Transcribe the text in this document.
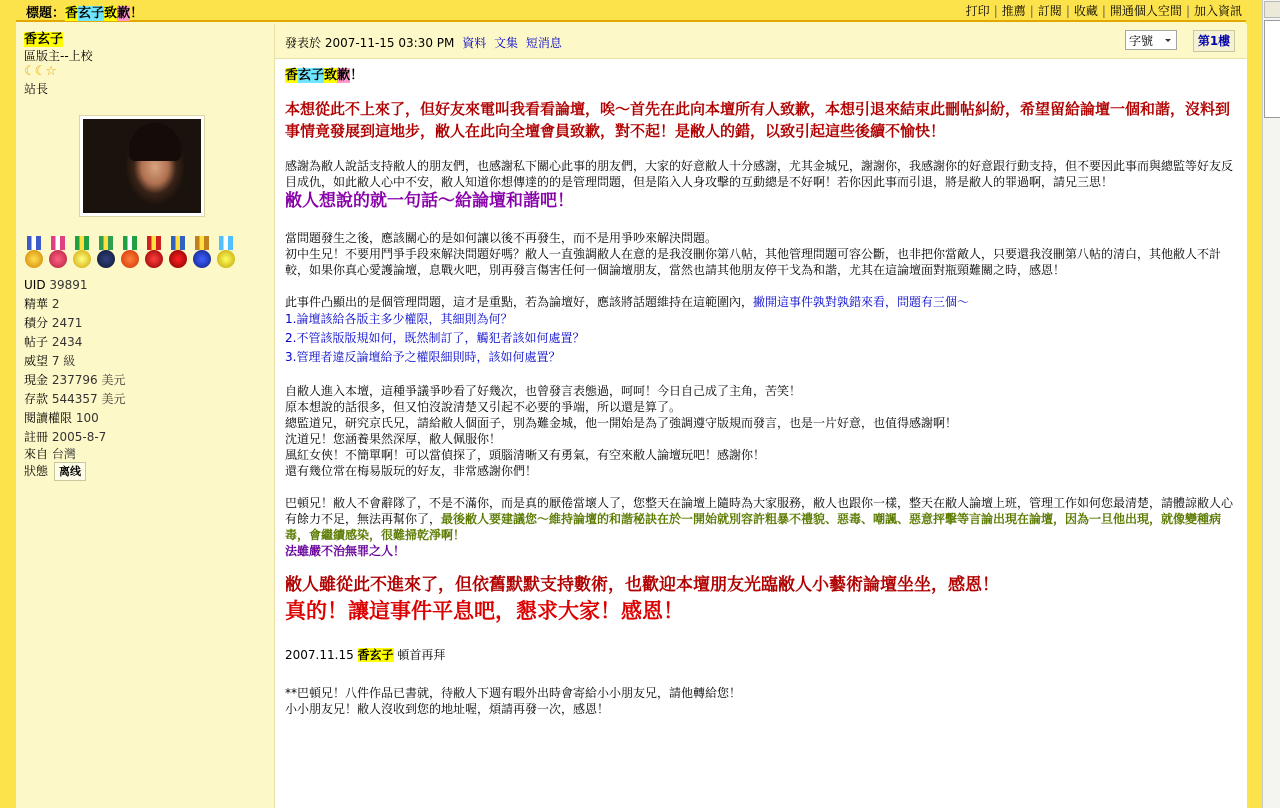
標題：香玄子致歉！	打印 | 推薦 | 訂閱 | 收藏 | 開通個人空間 | 加入資訊
香玄子
區版主--上校
☾☾☆
站長
UID 39891
精華 2
積分 2471
帖子 2434
威望 7 級
現金 237796 美元
存款 544357 美元
閱讀權限 100
註冊 2005-8-7
來自 台灣
狀態 离线
發表於 2007-11-15 03:30 PM 資料 文集 短消息	字號	第1樓

香玄子致歉！

本想從此不上來了，但好友來電叫我看看論壇，唉～首先在此向本壇所有人致歉，本想引退來結束此刪帖糾紛，希望留給論壇一個和諧，沒料到事情竟發展到這地步，敝人在此向全壇會員致歉，對不起！是敝人的錯，以致引起這些後續不愉快！

感謝為敝人說話支持敝人的朋友們，也感謝私下關心此事的朋友們，大家的好意敝人十分感謝，尤其金城兄，謝謝你，我感謝你的好意跟行動支持，但不要因此事而與總監等好友反目成仇，如此敝人心中不安，敝人知道你想傳達的的是管理問題，但是陷入人身攻擊的互動總是不好啊！若你因此事而引退，將是敝人的罪過啊，請兄三思！

敝人想說的就一句話～給論壇和諧吧！

當問題發生之後，應該關心的是如何讓以後不再發生，而不是用爭吵來解決問題。

初中生兄！不要用鬥爭手段來解決問題好嗎？敝人一直強調敝人在意的是我沒刪你第八帖，其他管理問題可容公斷，也非把你當敵人，只要還我沒刪第八帖的清白，其他敝人不計較，如果你真心愛護論壇，息戰火吧，別再發言傷害任何一個論壇朋友，當然也請其他朋友停干戈為和諧，尤其在這論壇面對瓶頸難關之時，感恩！

此事件凸顯出的是個管理問題，這才是重點，若為論壇好，應該將話題維持在這範圍內，撇開這事件孰對孰錯來看，問題有三個～

1.論壇該給各版主多少權限，其細則為何？

2.不管該版版規如何，既然制訂了，觸犯者該如何處置？

3.管理者違反論壇給予之權限細則時，該如何處置？

自敝人進入本壇，這種爭議爭吵看了好幾次，也曾發言表態過，呵呵！今日自己成了主角，苦笑！

原本想說的話很多，但又怕沒說清楚又引起不必要的爭端，所以還是算了。

總監道兄，研究京氏兄，請給敝人個面子，別為難金城，他一開始是為了強調遵守版規而發言，也是一片好意，也值得感謝啊！

沈道兄！您涵養果然深厚，敝人佩服你！

風紅女俠！不簡單啊！可以當偵探了，頭腦清晰又有勇氣，有空來敝人論壇玩吧！感謝你！

還有幾位常在梅易版玩的好友，非常感謝你們！

巴頓兄！敝人不會辭隊了，不是不滿你，而是真的厭倦當壞人了，您整天在論壇上隨時為大家服務，敝人也跟你一樣，整天在敝人論壇上班，管理工作如何您最清楚，請體諒敝人心有餘力不足，無法再幫你了，最後敝人要建議您～維持論壇的和諧秘訣在於一開始就別容許粗暴不禮貌、惡毒、嘲諷、惡意抨擊等言論出現在論壇，因為一旦他出現，就像變種病毒，會繼續感染，很難掃乾淨啊！

法雖嚴不治無罪之人！

敝人雖從此不進來了，但依舊默默支持數術，也歡迎本壇朋友光臨敝人小藝術論壇坐坐，感恩！

真的！讓這事件平息吧，懇求大家！感恩！

2007.11.15 香玄子 頓首再拜

**巴頓兄！八件作品已書就，待敝人下週有暇外出時會寄給小小朋友兄，請他轉給您！

小小朋友兄！敝人沒收到您的地址喔，煩請再發一次，感恩！
